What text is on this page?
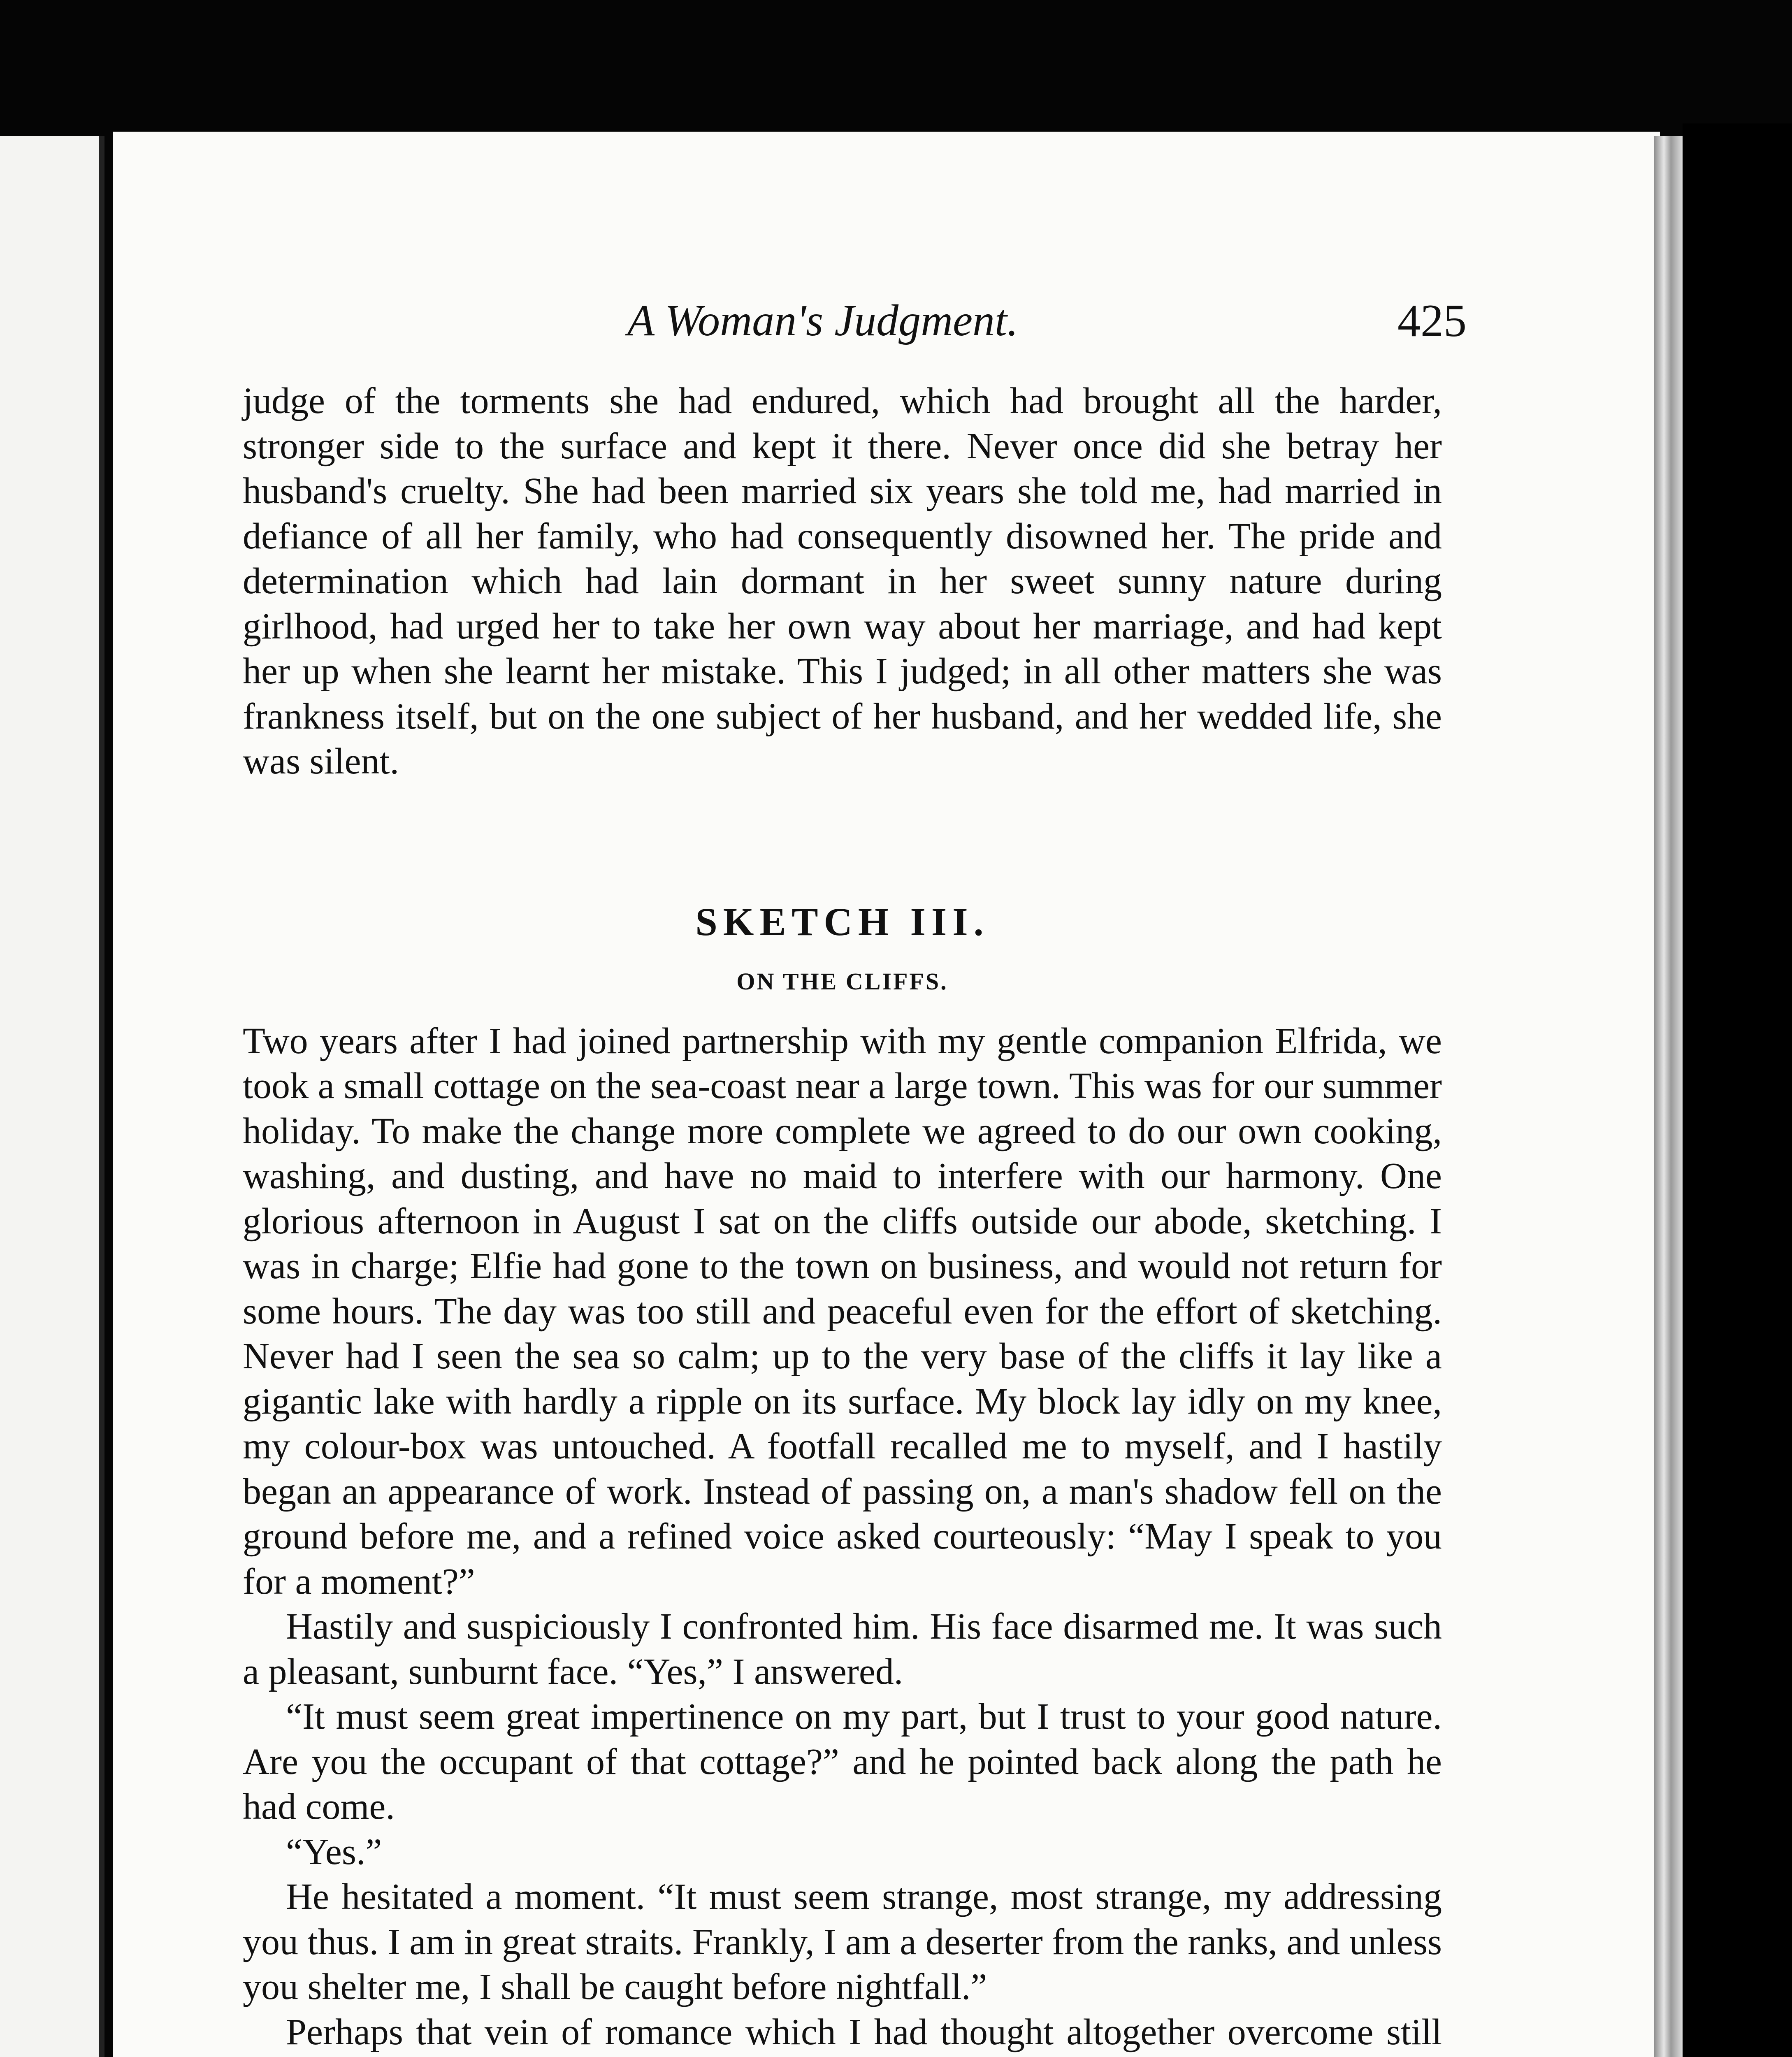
A Woman's Judgment.	425

judge of the torments she had endured, which had brought all the harder, stronger side to the surface and kept it there. Never once did she betray her husband's cruelty. She had been married six years she told me, had married in defiance of all her family, who had consequently disowned her. The pride and determination which had lain dormant in her sweet sunny nature during girlhood, had urged her to take her own way about her marriage, and had kept her up when she learnt her mistake. This I judged; in all other matters she was frankness itself, but on the one subject of her husband, and her wedded life, she was silent.

SKETCH III.
ON THE CLIFFS.

Two years after I had joined partnership with my gentle companion Elfrida, we took a small cottage on the sea-coast near a large town. This was for our summer holiday. To make the change more complete we agreed to do our own cooking, washing, and dusting, and have no maid to interfere with our harmony. One glorious afternoon in August I sat on the cliffs outside our abode, sketching. I was in charge; Elfie had gone to the town on business, and would not return for some hours. The day was too still and peaceful even for the effort of sketching. Never had I seen the sea so calm; up to the very base of the cliffs it lay like a gigantic lake with hardly a ripple on its surface. My block lay idly on my knee, my colour-box was untouched. A footfall recalled me to myself, and I hastily began an appearance of work. Instead of passing on, a man's shadow fell on the ground before me, and a refined voice asked courteously: “May I speak to you for a moment?”

Hastily and suspiciously I confronted him. His face disarmed me. It was such a pleasant, sunburnt face. “Yes,” I answered.

“It must seem great impertinence on my part, but I trust to your good nature. Are you the occupant of that cottage?” and he pointed back along the path he had come.

“Yes.”

He hesitated a moment. “It must seem strange, most strange, my addressing you thus. I am in great straits. Frankly, I am a deserter from the ranks, and unless you shelter me, I shall be caught before nightfall.”

Perhaps that vein of romance which I had thought altogether overcome still
